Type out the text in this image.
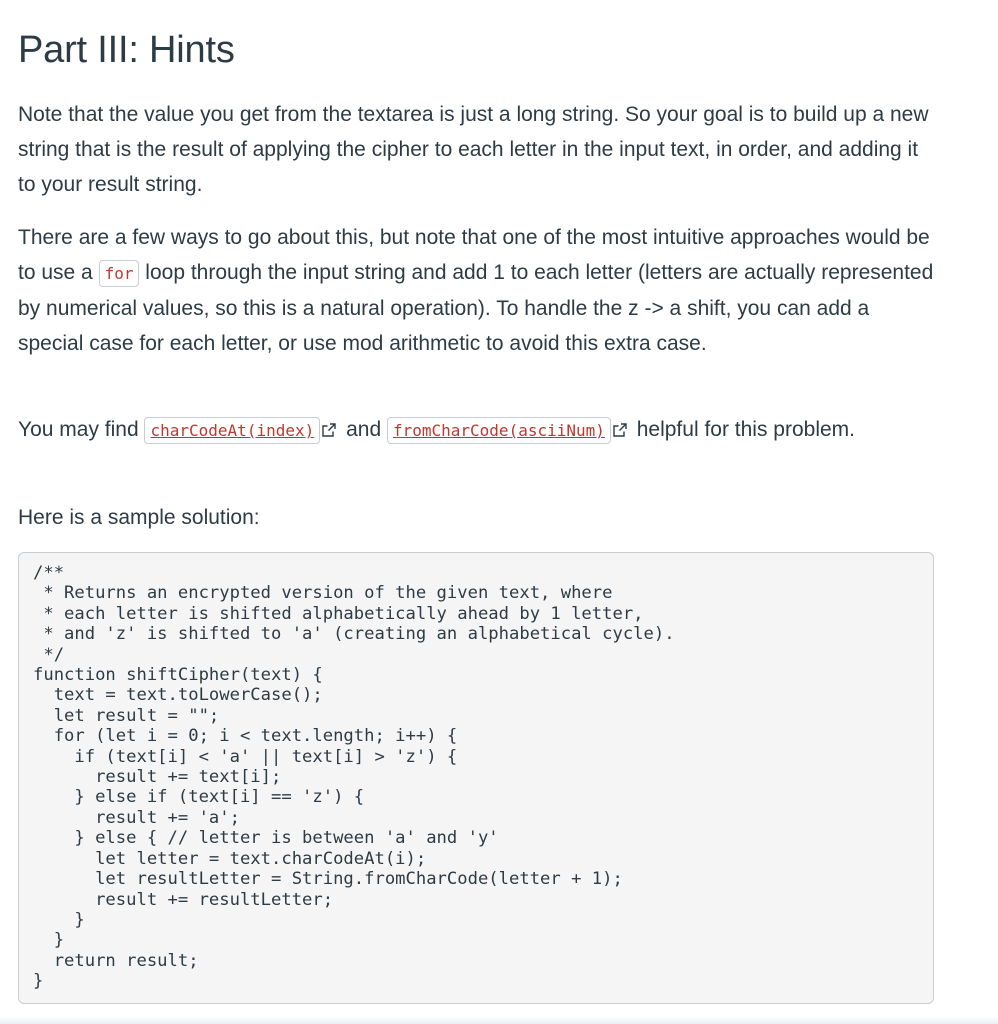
Part III: Hints

Note that the value you get from the textarea is just a long string. So your goal is to build up a new string that is the result of applying the cipher to each letter in the input text, in order, and adding it to your result string.

There are a few ways to go about this, but note that one of the most intuitive approaches would be to use a for loop through the input string and add 1 to each letter (letters are actually represented by numerical values, so this is a natural operation). To handle the z -> a shift, you can add a special case for each letter, or use mod arithmetic to avoid this extra case.

You may find charCodeAt(index) and fromCharCode(asciiNum) helpful for this problem.

Here is a sample solution:

/**
* Returns an encrypted version of the given text, where
* each letter is shifted alphabetically ahead by 1 letter,
* and 'z' is shifted to 'a' (creating an alphabetical cycle).
*/
function shiftCipher(text) {
text = text.toLowerCase();
let result = "";
for (let i = 0; i < text.length; i++) {
if (text[i] < 'a' || text[i] > 'z') {
result += text[i];
} else if (text[i] == 'z') {
result += 'a';
} else { // letter is between 'a' and 'y'
let letter = text.charCodeAt(i);
let resultLetter = String.fromCharCode(letter + 1);
result += resultLetter;
}
}
return result;
}
